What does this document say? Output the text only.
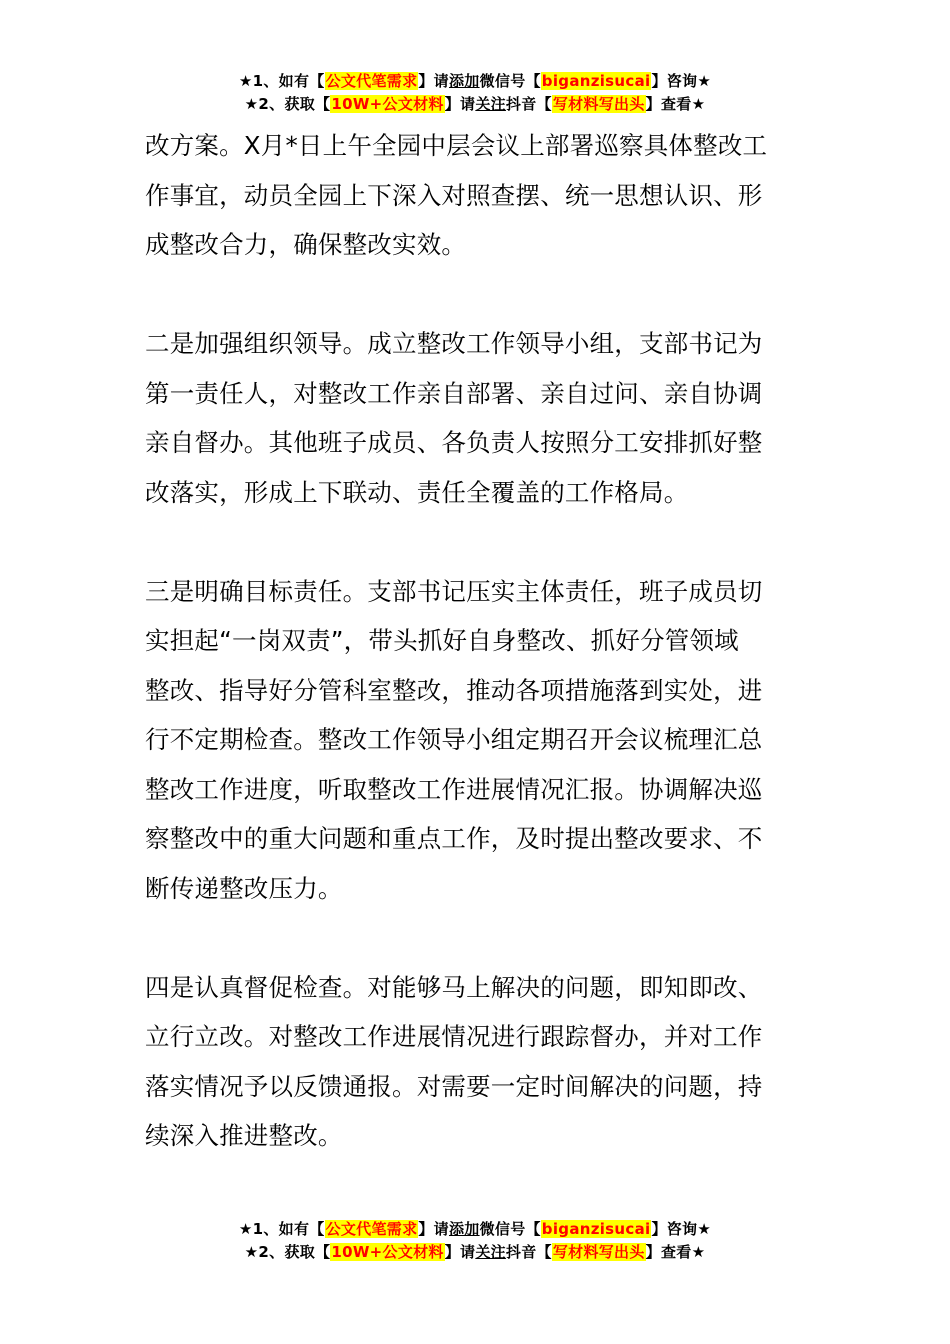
★1、如有【公文代笔需求】请添加微信号【biganzisucai】咨询★
★2、获取【10W+公文材料】请关注抖音【写材料写出头】查看★
改方案。X月*日上午全园中层会议上部署巡察具体整改工
作事宜，动员全园上下深入对照查摆、统一思想认识、形
成整改合力，确保整改实效。
二是加强组织领导。成立整改工作领导小组，支部书记为
第一责任人，对整改工作亲自部署、亲自过问、亲自协调
亲自督办。其他班子成员、各负责人按照分工安排抓好整
改落实，形成上下联动、责任全覆盖的工作格局。
三是明确目标责任。支部书记压实主体责任，班子成员切
实担起“一岗双责”，带头抓好自身整改、抓好分管领域
整改、指导好分管科室整改，推动各项措施落到实处，进
行不定期检查。整改工作领导小组定期召开会议梳理汇总
整改工作进度，听取整改工作进展情况汇报。协调解决巡
察整改中的重大问题和重点工作，及时提出整改要求、不
断传递整改压力。
四是认真督促检查。对能够马上解决的问题，即知即改、
立行立改。对整改工作进展情况进行跟踪督办，并对工作
落实情况予以反馈通报。对需要一定时间解决的问题，持
续深入推进整改。
★1、如有【公文代笔需求】请添加微信号【biganzisucai】咨询★
★2、获取【10W+公文材料】请关注抖音【写材料写出头】查看★
